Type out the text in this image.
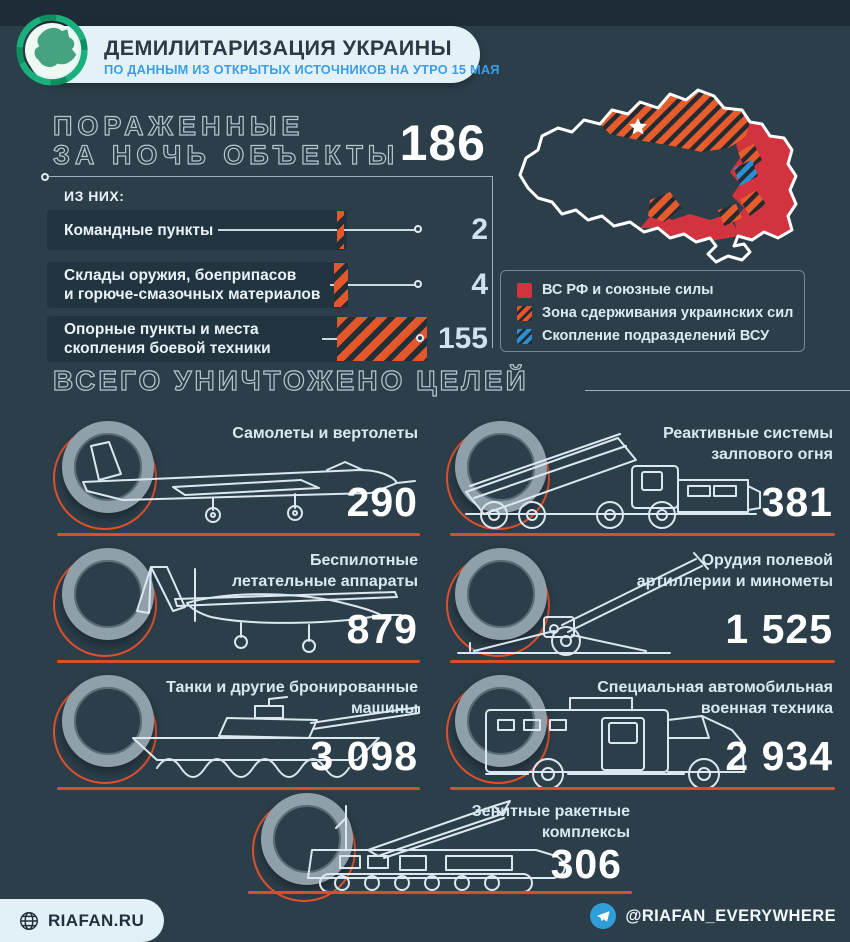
ДЕМИЛИТАРИЗАЦИЯ УКРАИНЫ
ПО ДАННЫМ ИЗ ОТКРЫТЫХ ИСТОЧНИКОВ НА УТРО 15 МАЯ
ПОРАЖЕННЫЕ
ЗА НОЧЬ ОБЪЕКТЫ 186
ИЗ НИХ:
Командные пункты	2
Склады оружия, боеприпасов
и горюче-смазочных материалов	4
Опорные пункты и места
скопления боевой техники	155
ВС РФ и союзные силы
Зона сдерживания украинских сил
Скопление подразделений ВСУ
ВСЕГО УНИЧТОЖЕНО ЦЕЛЕЙ
Самолеты и вертолеты

290
Реактивные системы
залпового огня
381
Беспилотные
летательные аппараты
879
Орудия полевой
артиллерии и минометы
1 525
Танки и другие бронированные
машины
3 098
Специальная автомобильная
военная техника
2 934
Зенитные ракетные
комплексы
306
RIAFAN.RU	@RIAFAN_EVERYWHERE
